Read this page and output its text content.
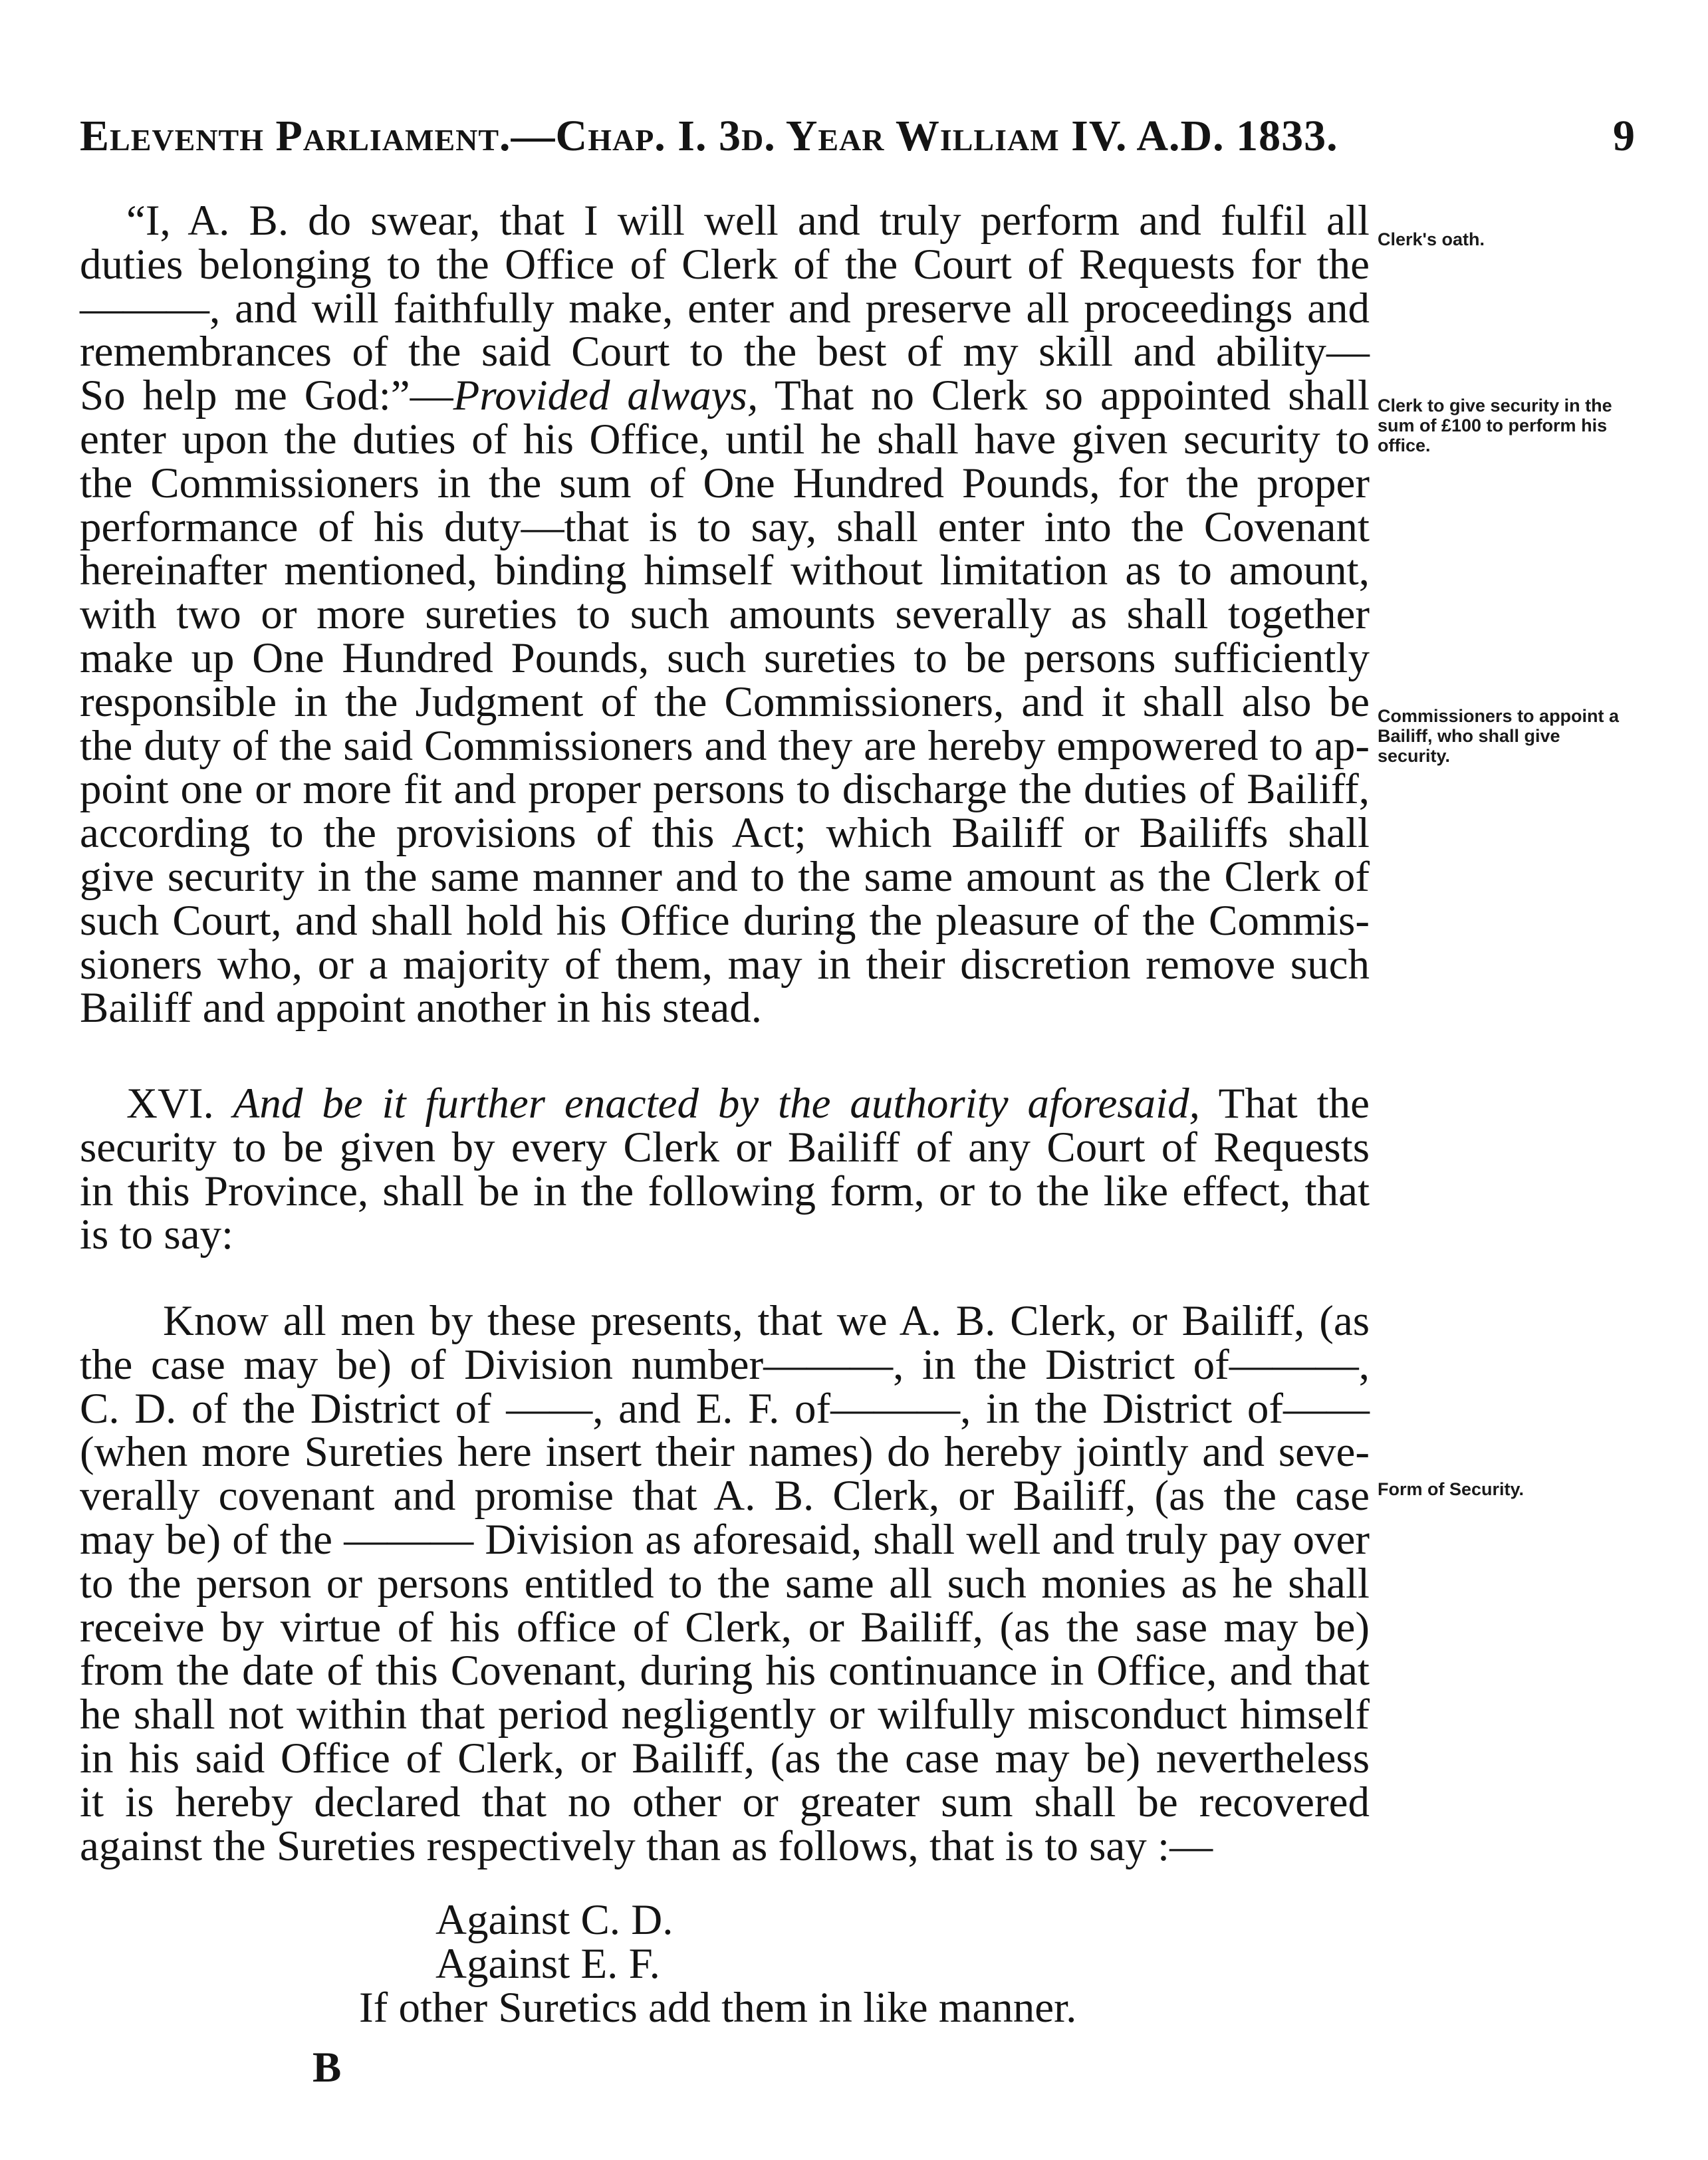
Eleventh Parliament.—Chap. I. 3d. Year William IV. A.D. 1833.	9
Clerk's oath.
Clerk to give security in the sum of £100 to perform his office.
Commissioners to appoint a Bailiff, who shall give security.
Form of Security.
“I, A. B. do swear, that I will well and truly perform and fulfil all
duties belonging to the Office of Clerk of the Court of Requests for the
———, and will faithfully make, enter and preserve all proceedings and
remembrances of the said Court to the best of my skill and ability—
So help me God:”—Provided always, That no Clerk so appointed shall
enter upon the duties of his Office, until he shall have given security to
the Commissioners in the sum of One Hundred Pounds, for the proper
performance of his duty—that is to say, shall enter into the Covenant
hereinafter mentioned, binding himself without limitation as to amount,
with two or more sureties to such amounts severally as shall together
make up One Hundred Pounds, such sureties to be persons sufficiently
responsible in the Judgment of the Commissioners, and it shall also be
the duty of the said Commissioners and they are hereby empowered to ap-
point one or more fit and proper persons to discharge the duties of Bailiff,
according to the provisions of this Act; which Bailiff or Bailiffs shall
give security in the same manner and to the same amount as the Clerk of
such Court, and shall hold his Office during the pleasure of the Commis-
sioners who, or a majority of them, may in their discretion remove such
Bailiff and appoint another in his stead.
XVI. And be it further enacted by the authority aforesaid, That the
security to be given by every Clerk or Bailiff of any Court of Requests
in this Province, shall be in the following form, or to the like effect, that
is to say:
Know all men by these presents, that we A. B. Clerk, or Bailiff, (as
the case may be) of Division number———, in the District of———,
C. D. of the District of ——, and E. F. of———, in the District of——
(when more Sureties here insert their names) do hereby jointly and seve-
verally covenant and promise that A. B. Clerk, or Bailiff, (as the case
may be) of the ——— Division as aforesaid, shall well and truly pay over
to the person or persons entitled to the same all such monies as he shall
receive by virtue of his office of Clerk, or Bailiff, (as the sase may be)
from the date of this Covenant, during his continuance in Office, and that
he shall not within that period negligently or wilfully misconduct himself
in his said Office of Clerk, or Bailiff, (as the case may be) nevertheless
it is hereby declared that no other or greater sum shall be recovered
against the Sureties respectively than as follows, that is to say :—
Against C. D.
Against E. F.
If other Suretics add them in like manner.
B
